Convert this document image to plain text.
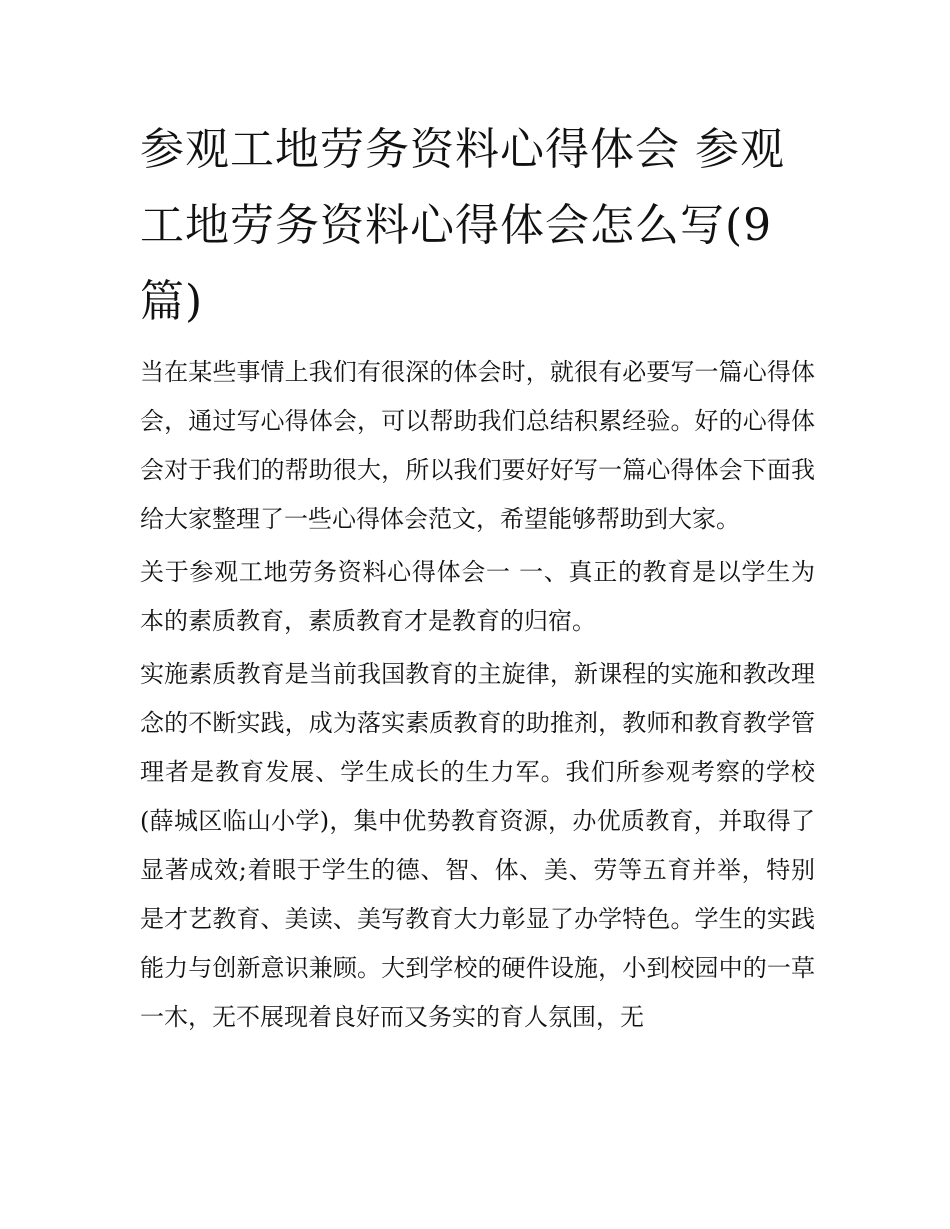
参观工地劳务资料心得体会 参观工地劳务资料心得体会怎么写(9篇)

当在某些事情上我们有很深的体会时，就很有必要写一篇心得体会，通过写心得体会，可以帮助我们总结积累经验。好的心得体会对于我们的帮助很大，所以我们要好好写一篇心得体会下面我给大家整理了一些心得体会范文，希望能够帮助到大家。

关于参观工地劳务资料心得体会一 一、真正的教育是以学生为本的素质教育，素质教育才是教育的归宿。

实施素质教育是当前我国教育的主旋律，新课程的实施和教改理念的不断实践，成为落实素质教育的助推剂，教师和教育教学管理者是教育发展、学生成长的生力军。我们所参观考察的学校(薛城区临山小学)，集中优势教育资源，办优质教育，并取得了显著成效;着眼于学生的德、智、体、美、劳等五育并举，特别是才艺教育、美读、美写教育大力彰显了办学特色。学生的实践能力与创新意识兼顾。大到学校的硬件设施，小到校园中的一草一木，无不展现着良好而又务实的育人氛围，无
